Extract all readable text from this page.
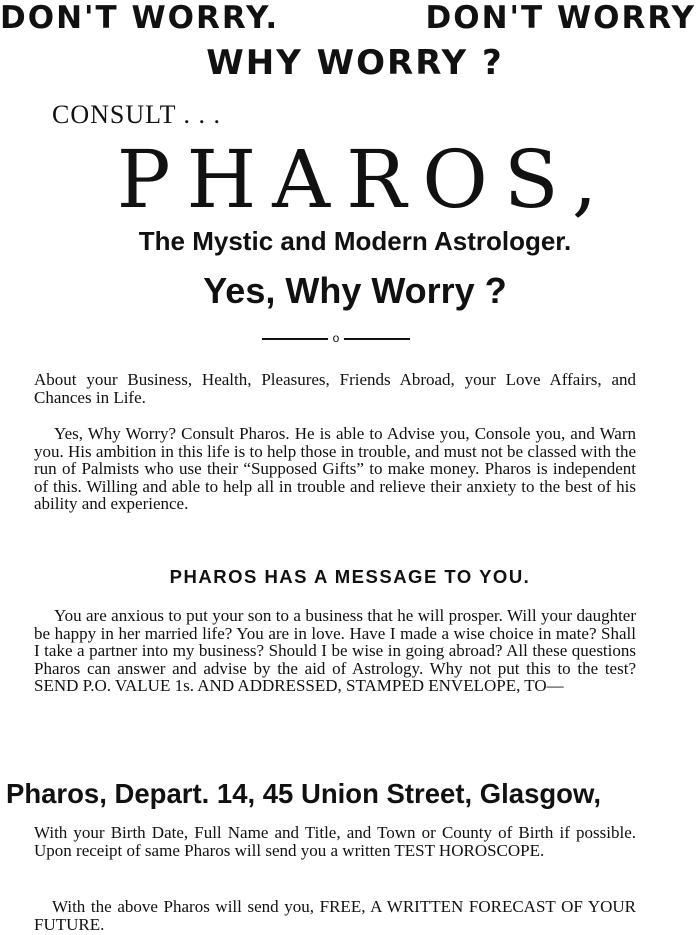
DON'T WORRY.	DON'T WORRY
WHY WORRY ?
CONSULT . . .
PHAROS,
The Mystic and Modern Astrologer.
Yes, Why Worry ?
o
About your Business, Health, Pleasures, Friends Abroad, your Love Affairs, and Chances in Life.
Yes, Why Worry? Consult Pharos. He is able to Advise you, Console you, and Warn you. His ambition in this life is to help those in trouble, and must not be classed with the run of Palmists who use their “Supposed Gifts” to make money. Pharos is independent of this. Willing and able to help all in trouble and relieve their anxiety to the best of his ability and experience.
PHAROS HAS A MESSAGE TO YOU.
You are anxious to put your son to a business that he will prosper. Will your daughter be happy in her married life? You are in love. Have I made a wise choice in mate? Shall I take a partner into my business? Should I be wise in going abroad? All these questions Pharos can answer and advise by the aid of Astrology. Why not put this to the test? SEND P.O. VALUE 1s. AND ADDRESSED, STAMPED ENVELOPE, TO—
Pharos, Depart. 14, 45 Union Street, Glasgow,
With your Birth Date, Full Name and Title, and Town or County of Birth if possible. Upon receipt of same Pharos will send you a written TEST HOROSCOPE.
With the above Pharos will send you, FREE, A WRITTEN FORECAST OF YOUR FUTURE.
